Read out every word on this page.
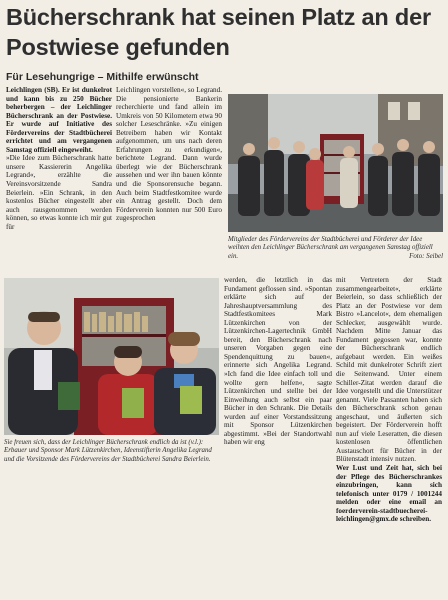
Bücherschrank hat seinen Platz an der Postwiese gefunden
Für Lesehungrige – Mithilfe erwünscht

Leichlingen (SB). Er ist dunkelrot und kann bis zu 250 Bücher beherbergen – der Leichlinger Bücherschrank an der Postwiese. Er wurde auf Initiative des Fördervereins der Stadtbücherei errichtet und am vergangenen Samstag offiziell eingeweiht.

»Die Idee zum Bücherschrank hatte unsere Kassiererin Angelika Legrand«, erzählte die Vereinsvorsitzende Sandra Beierlein. »Ein Schrank, in den kostenlos Bücher eingestellt aber auch rausgenommen werden können, so etwas konnte ich mir gut für

Leichlingen vorstellen«, so Legrand. Die pensionierte Bankerin recherchierte und fand allein im Umkreis von 50 Kilometern etwa 90 solcher Leseschränke. »Zu einigen Betreibern haben wir Kontakt aufgenommen, um uns nach deren Erfahrungen zu erkundigen«, berichtete Legrand. Dann wurde überlegt wie der Bücherschrank aussehen und wer ihn bauen könnte und die Sponsorensuche begann. Auch beim Stadtfestkomitee wurde ein Antrag gestellt. Doch dem Förderverein konnten nur 500 Euro zugesprochen

Mitglieder des Fördervereins der Stadtbücherei und Förderer der Idee weihten den Leichlinger Bücherschrank am vergangenen Samstag offiziell ein.	Foto: Seibel
Sie freuen sich, dass der Leichlinger Bücherschrank endlich da ist (v.l.): Erbauer und Sponsor Mark Lützenkirchen, Ideenstifterin Angelika Legrand und die Vorsitzende des Fördervereins der Stadtbücherei Sandra Beierlein.

werden, die letztlich in das Fundament geflossen sind. »Spontan erklärte sich auf der Jahreshauptversammlung des Stadtfestkomitees Mark Lützenkirchen von der Lützenkirchen-Lagertechnik GmbH bereit, den Bücherschrank nach unseren Vorgaben gegen eine Spendenquittung zu bauen«, erinnerte sich Angelika Legrand. »Ich fand die Idee einfach toll und wollte gern helfen«, sagte Lützenkirchen und stellte bei der Einweihung auch selbst ein paar Bücher in den Schrank. Die Details wurden auf einer Vorstandssitzung mit Sponsor Lützenkirchen abgestimmt. »Bei der Standortwahl haben wir eng

mit Vertretern der Stadt zusammengearbeitet«, erklärte Beierlein, so dass schließlich der Platz an der Postwiese vor dem Bistro »Lancelot«, dem ehemaligen Schlecker, ausgewählt wurde. Nachdem Mitte Januar das Fundament gegossen war, konnte der Bücherschrank endlich aufgebaut werden. Ein weißes Schild mit dunkelroter Schrift ziert die Seitenwand. Unter einem Schiller-Zitat werden darauf die Idee vorgestellt und die Unterstützer genannt. Viele Passanten haben sich den Bücherschrank schon genau angeschaut, und äußerten sich begeistert. Der Förderverein hofft nun auf viele Leseratten, die diesen kostenlosen öffentlichen Austauschort für Bücher in der Blütenstadt intensiv nutzen.

Wer Lust und Zeit hat, sich bei der Pflege des Bücherschrankes einzubringen, kann sich telefonisch unter 0179 / 1001244 melden oder eine email an foerderverein-stadtbuecherei-leichlingen@gmx.de schreiben.
